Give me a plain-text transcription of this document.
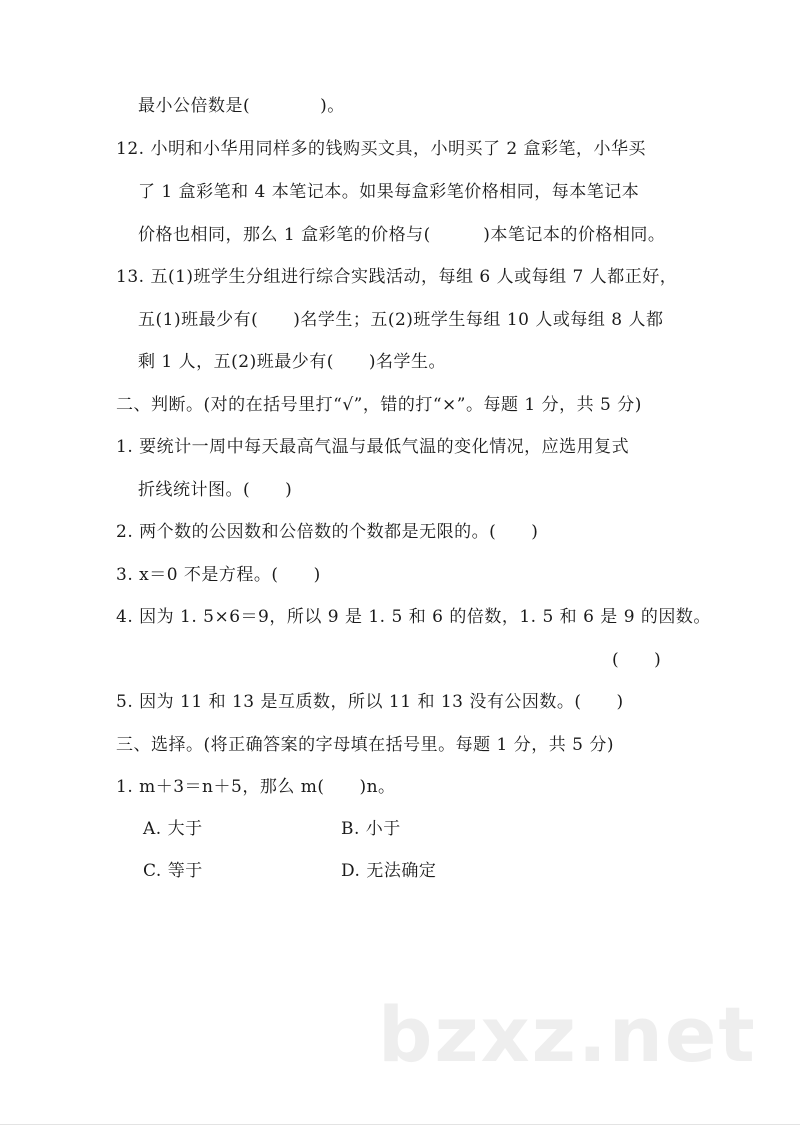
最小公倍数是(　　　　)。
12. 小明和小华用同样多的钱购买文具，小明买了 2 盒彩笔，小华买
了 1 盒彩笔和 4 本笔记本。如果每盒彩笔价格相同，每本笔记本
价格也相同，那么 1 盒彩笔的价格与(　　　)本笔记本的价格相同。
13. 五(1)班学生分组进行综合实践活动，每组 6 人或每组 7 人都正好，
五(1)班最少有(　　)名学生；五(2)班学生每组 10 人或每组 8 人都
剩 1 人，五(2)班最少有(　　)名学生。
二、判断。(对的在括号里打“√”，错的打“×”。每题 1 分，共 5 分)
1. 要统计一周中每天最高气温与最低气温的变化情况，应选用复式
折线统计图。(　　)
2. 两个数的公因数和公倍数的个数都是无限的。(　　)
3. x＝0 不是方程。(　　)
4. 因为 1. 5×6＝9，所以 9 是 1. 5 和 6 的倍数，1. 5 和 6 是 9 的因数。
(　　)
5. 因为 11 和 13 是互质数，所以 11 和 13 没有公因数。(　　)
三、选择。(将正确答案的字母填在括号里。每题 1 分，共 5 分)
1. m＋3＝n＋5，那么 m(　　)n。
A. 大于	B. 小于
C. 等于	D. 无法确定
bzxz.net
